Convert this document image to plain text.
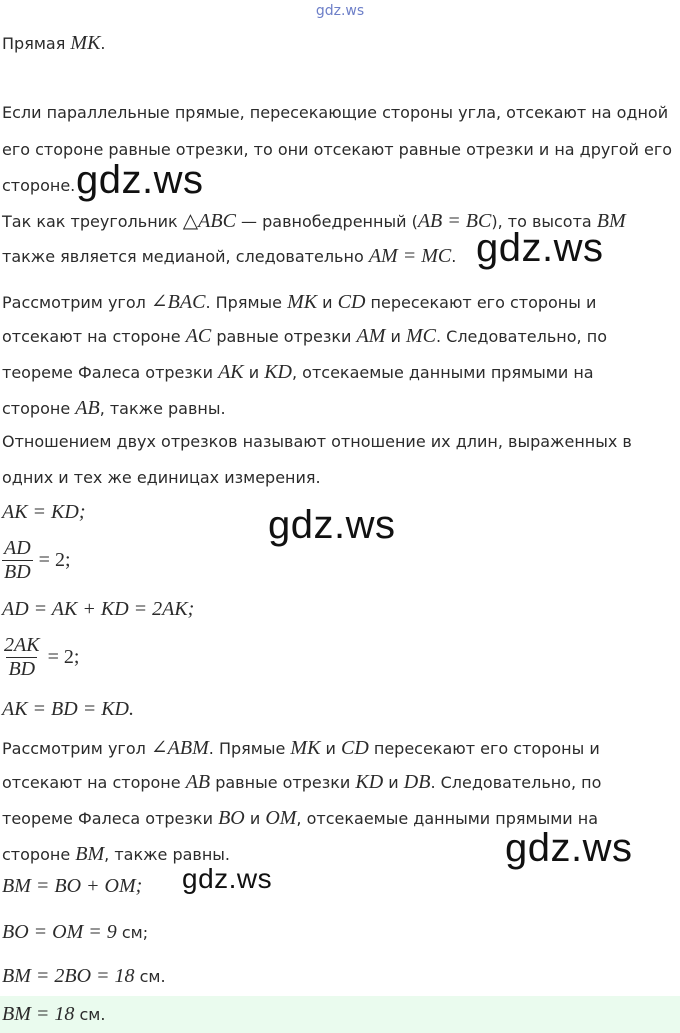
gdz.ws
Прямая MK.
Если параллельные прямые, пересекающие стороны угла, отсекают на одной
его стороне равные отрезки, то они отсекают равные отрезки и на другой его
стороне.
Так как треугольник △ABC — равнобедренный (AB = BC), то высота BM
также является медианой, следовательно AM = MC.
Рассмотрим угол ∠BAC. Прямые MK и CD пересекают его стороны и
отсекают на стороне AC равные отрезки AM и MC. Следовательно, по
теореме Фалеса отрезки AK и KD, отсекаемые данными прямыми на
стороне AB, также равны.
Отношением двух отрезков называют отношение их длин, выраженных в
одних и тех же единицах измерения.
AK = KD;
$\frac{AD}{BD} = 2$;
AD = AK + KD = 2AK;
$\frac{2AK}{BD} = 2$;
AK = BD = KD.
Рассмотрим угол ∠ABM. Прямые MK и CD пересекают его стороны и
отсекают на стороне AB равные отрезки KD и DB. Следовательно, по
теореме Фалеса отрезки BO и OM, отсекаемые данными прямыми на
стороне BM, также равны.
BM = BO + OM;
BO = OM = 9 см;
BM = 2BO = 18 см.
BM = 18 см.
gdz.ws
gdz.ws
gdz.ws
gdz.ws
gdz.ws
